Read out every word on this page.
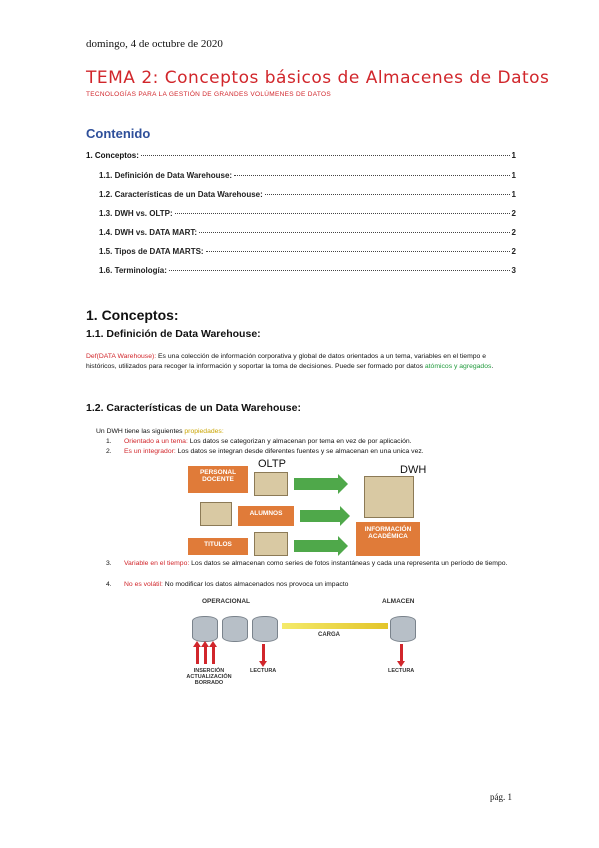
domingo, 4 de octubre de 2020
TEMA 2: Conceptos básicos de Almacenes de Datos
TECNOLOGÍAS PARA LA GESTIÓN DE GRANDES VOLÚMENES DE DATOS
Contenido
1. Conceptos:	1
1.1. Definición de Data Warehouse:	1
1.2. Características de un Data Warehouse:	1
1.3. DWH vs. OLTP:	2
1.4. DWH vs. DATA MART:	2
1.5. Tipos de DATA MARTS:	2
1.6. Terminología:	3
1. Conceptos:
1.1. Definición de Data Warehouse:
Def(DATA Warehouse): Es una colección de información corporativa y global de datos orientados a un tema, variables en el tiempo e históricos, utilizados para recoger la información y soportar la toma de decisiones. Puede ser formado por datos atómicos y agregados.
1.2. Características de un Data Warehouse:
Un DWH tiene las siguientes propiedades:
1. Orientado a un tema: Los datos se categorizan y almacenan por tema en vez de por aplicación.
2. Es un integrador: Los datos se integran desde diferentes fuentes y se almacenan en una unica vez.
OLTP	DWH
PERSONAL DOCENTE
ALUMNOS
TITULOS
INFORMACIÓN ACADÉMICA
3. Variable en el tiempo: Los datos se almacenan como series de fotos instantáneas y cada una representa un período de tiempo.
4. No es volátil: No modificar los datos almacenados nos provoca un impacto
OPERACIONAL	ALMACEN
CARGA
INSERCIÓN ACTUALIZACIÓN BORRADO
LECTURA	LECTURA
pág. 1
